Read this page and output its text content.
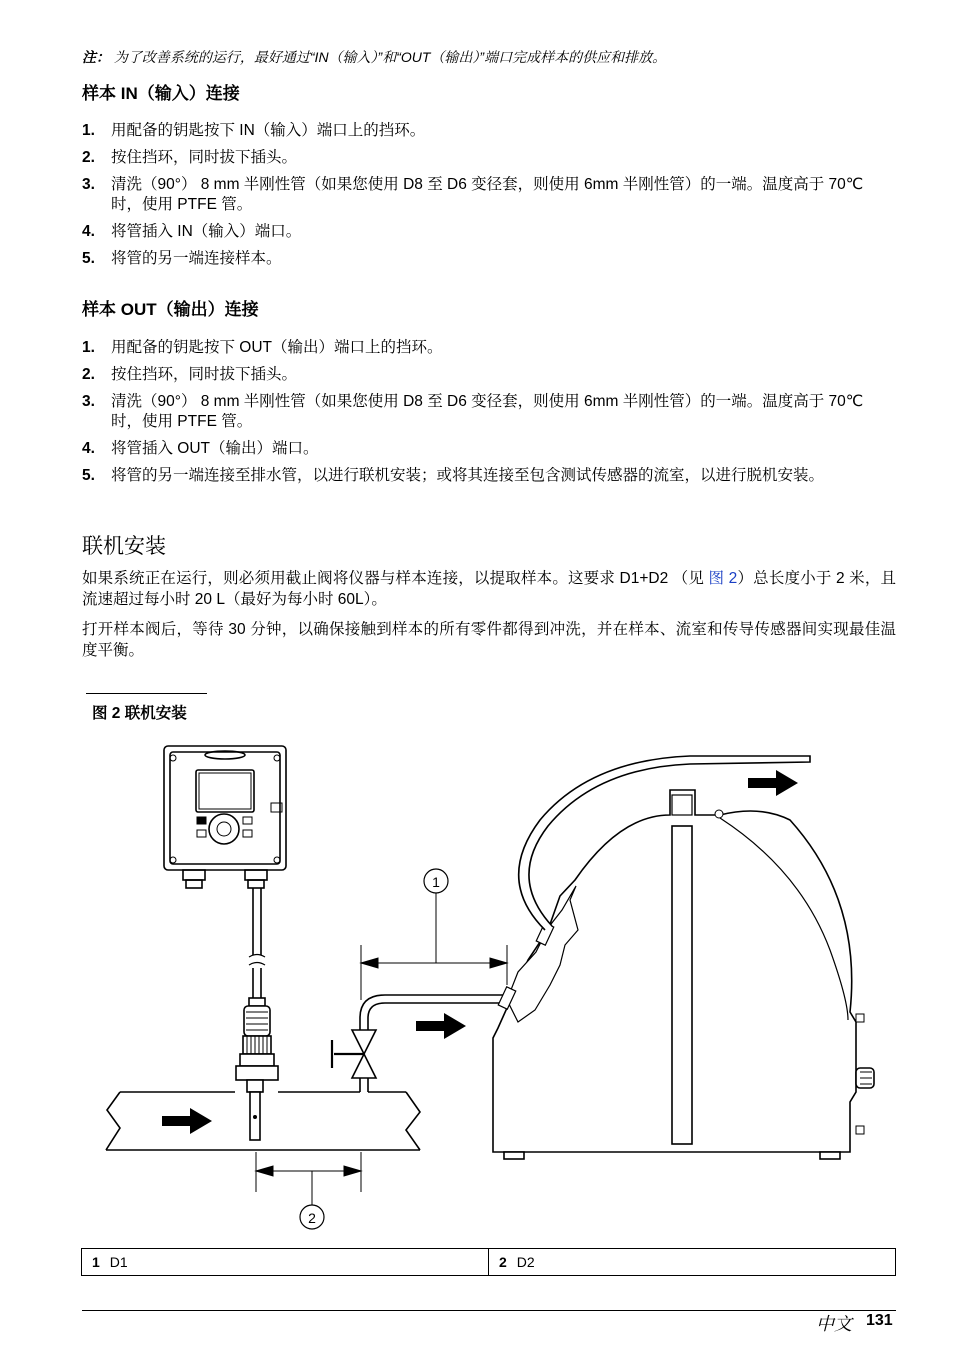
注： 为了改善系统的运行，最好通过“IN（输入）”和“OUT（输出）”端口完成样本的供应和排放。
样本 IN（输入）连接
1. 用配备的钥匙按下 IN（输入）端口上的挡环。
2. 按住挡环，同时拔下插头。
3. 清洗（90°） 8 mm 半刚性管（如果您使用 D8 至 D6 变径套，则使用 6mm 半刚性管）的一端。温度高于 70℃ 时，使用 PTFE 管。
4. 将管插入 IN（输入）端口。
5. 将管的另一端连接样本。
样本 OUT（输出）连接
1. 用配备的钥匙按下 OUT（输出）端口上的挡环。
2. 按住挡环，同时拔下插头。
3. 清洗（90°） 8 mm 半刚性管（如果您使用 D8 至 D6 变径套，则使用 6mm 半刚性管）的一端。温度高于 70℃ 时，使用 PTFE 管。
4. 将管插入 OUT（输出）端口。
5. 将管的另一端连接至排水管，以进行联机安装；或将其连接至包含测试传感器的流室，以进行脱机安装。
联机安装
如果系统正在运行，则必须用截止阀将仪器与样本连接，以提取样本。这要求 D1+D2 （见 图 2）总长度小于 2 米，且流速超过每小时 20 L（最好为每小时 60L）。
打开样本阀后，等待 30 分钟，以确保接触到样本的所有零件都得到冲洗，并在样本、流室和传导传感器间实现最佳温度平衡。
图 2 联机安装
1
2
1 D1	2 D2
中文 131
